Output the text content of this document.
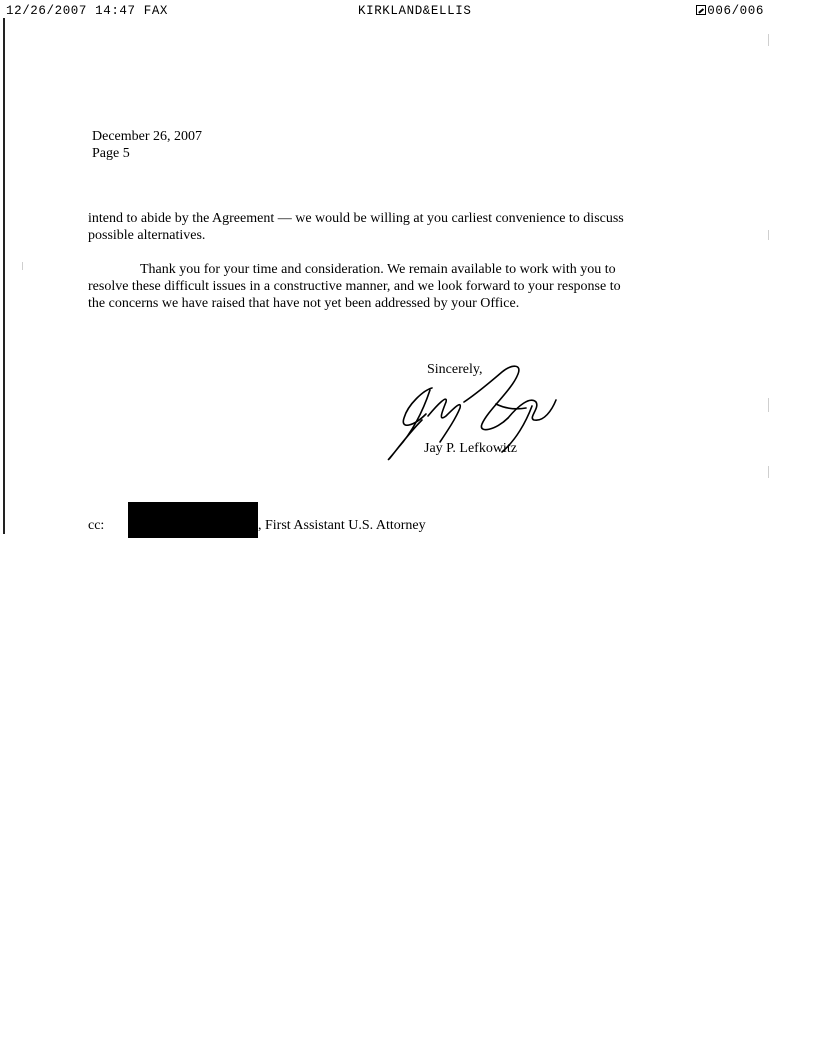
12/26/2007 14:47 FAX	KIRKLAND&ELLIS	006/006
December 26, 2007
Page 5
intend to abide by the Agreement — we would be willing at you carliest convenience to discuss
possible alternatives.
Thank you for your time and consideration. We remain available to work with you to
resolve these difficult issues in a constructive manner, and we look forward to your response to
the concerns we have raised that have not yet been addressed by your Office.
Sincerely,
Jay P. Lefkowitz
cc:	, First Assistant U.S. Attorney
